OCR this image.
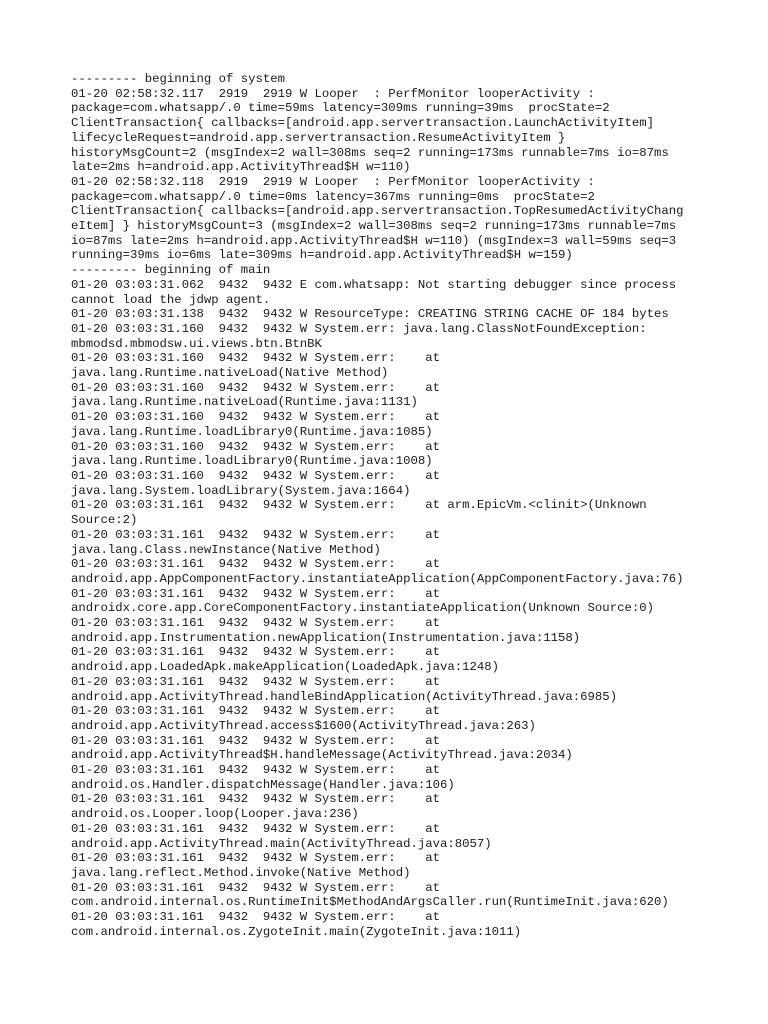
--------- beginning of system
01-20 02:58:32.117  2919  2919 W Looper  : PerfMonitor looperActivity :
package=com.whatsapp/.0 time=59ms latency=309ms running=39ms  procState=2
ClientTransaction{ callbacks=[android.app.servertransaction.LaunchActivityItem]
lifecycleRequest=android.app.servertransaction.ResumeActivityItem }
historyMsgCount=2 (msgIndex=2 wall=308ms seq=2 running=173ms runnable=7ms io=87ms
late=2ms h=android.app.ActivityThread$H w=110)
01-20 02:58:32.118  2919  2919 W Looper  : PerfMonitor looperActivity :
package=com.whatsapp/.0 time=0ms latency=367ms running=0ms  procState=2
ClientTransaction{ callbacks=[android.app.servertransaction.TopResumedActivityChang
eItem] } historyMsgCount=3 (msgIndex=2 wall=308ms seq=2 running=173ms runnable=7ms
io=87ms late=2ms h=android.app.ActivityThread$H w=110) (msgIndex=3 wall=59ms seq=3
running=39ms io=6ms late=309ms h=android.app.ActivityThread$H w=159)
--------- beginning of main
01-20 03:03:31.062  9432  9432 E com.whatsapp: Not starting debugger since process
cannot load the jdwp agent.
01-20 03:03:31.138  9432  9432 W ResourceType: CREATING STRING CACHE OF 184 bytes
01-20 03:03:31.160  9432  9432 W System.err: java.lang.ClassNotFoundException:
mbmodsd.mbmodsw.ui.views.btn.BtnBK
01-20 03:03:31.160  9432  9432 W System.err:    at
java.lang.Runtime.nativeLoad(Native Method)
01-20 03:03:31.160  9432  9432 W System.err:    at
java.lang.Runtime.nativeLoad(Runtime.java:1131)
01-20 03:03:31.160  9432  9432 W System.err:    at
java.lang.Runtime.loadLibrary0(Runtime.java:1085)
01-20 03:03:31.160  9432  9432 W System.err:    at
java.lang.Runtime.loadLibrary0(Runtime.java:1008)
01-20 03:03:31.160  9432  9432 W System.err:    at
java.lang.System.loadLibrary(System.java:1664)
01-20 03:03:31.161  9432  9432 W System.err:    at arm.EpicVm.<clinit>(Unknown
Source:2)
01-20 03:03:31.161  9432  9432 W System.err:    at
java.lang.Class.newInstance(Native Method)
01-20 03:03:31.161  9432  9432 W System.err:    at
android.app.AppComponentFactory.instantiateApplication(AppComponentFactory.java:76)
01-20 03:03:31.161  9432  9432 W System.err:    at
androidx.core.app.CoreComponentFactory.instantiateApplication(Unknown Source:0)
01-20 03:03:31.161  9432  9432 W System.err:    at
android.app.Instrumentation.newApplication(Instrumentation.java:1158)
01-20 03:03:31.161  9432  9432 W System.err:    at
android.app.LoadedApk.makeApplication(LoadedApk.java:1248)
01-20 03:03:31.161  9432  9432 W System.err:    at
android.app.ActivityThread.handleBindApplication(ActivityThread.java:6985)
01-20 03:03:31.161  9432  9432 W System.err:    at
android.app.ActivityThread.access$1600(ActivityThread.java:263)
01-20 03:03:31.161  9432  9432 W System.err:    at
android.app.ActivityThread$H.handleMessage(ActivityThread.java:2034)
01-20 03:03:31.161  9432  9432 W System.err:    at
android.os.Handler.dispatchMessage(Handler.java:106)
01-20 03:03:31.161  9432  9432 W System.err:    at
android.os.Looper.loop(Looper.java:236)
01-20 03:03:31.161  9432  9432 W System.err:    at
android.app.ActivityThread.main(ActivityThread.java:8057)
01-20 03:03:31.161  9432  9432 W System.err:    at
java.lang.reflect.Method.invoke(Native Method)
01-20 03:03:31.161  9432  9432 W System.err:    at
com.android.internal.os.RuntimeInit$MethodAndArgsCaller.run(RuntimeInit.java:620)
01-20 03:03:31.161  9432  9432 W System.err:    at
com.android.internal.os.ZygoteInit.main(ZygoteInit.java:1011)
